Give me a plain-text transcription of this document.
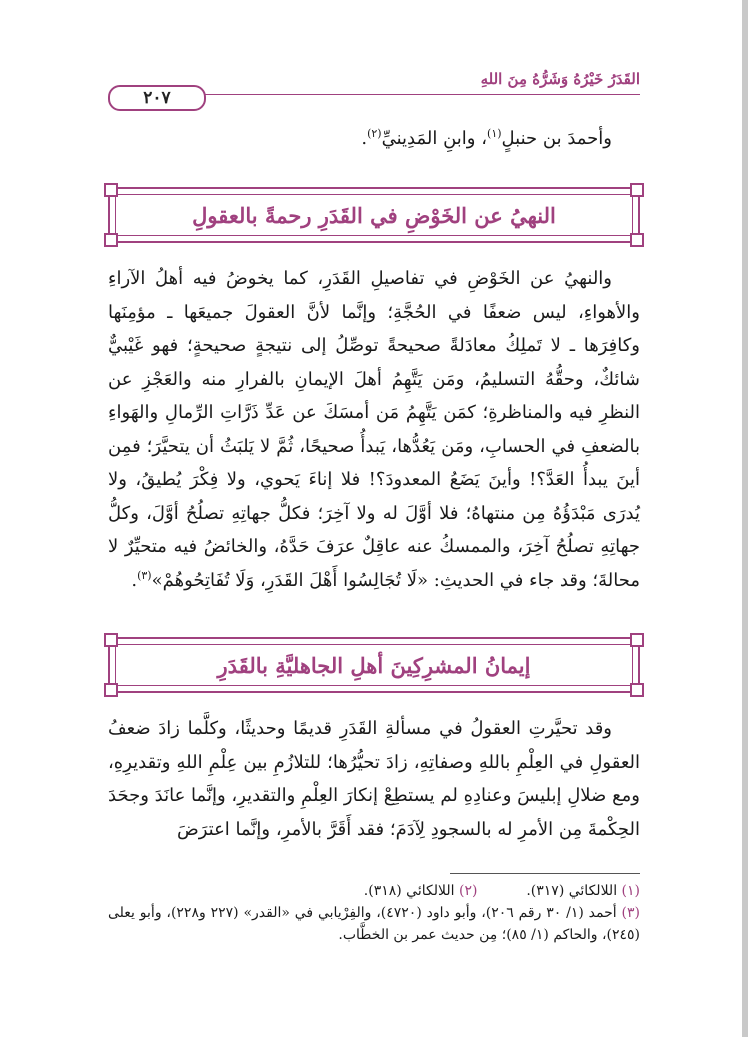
القَدَرُ خَيْرُهُ وَشَرُّهُ مِنَ اللهِ
٢٠٧

وأحمدَ بن حنبلٍ$^{(١)}$، وابنِ المَدِينيِّ$^{(٢)}$.

النهيُ عن الخَوْضِ في القَدَرِ رحمةً بالعقولِ

والنهيُ عن الخَوْضِ في تفاصيلِ القَدَرِ، كما يخوضُ فيه أهلُ الآراءِ والأهواءِ، ليس ضعفًا في الحُجَّةِ؛ وإنَّما لأنَّ العقولَ جميعَها ـ مؤمِنَها وكافِرَها ـ لا تَملِكُ معادَلةً صحيحةً توصِّلُ إلى نتيجةٍ صحيحةٍ؛ فهو غَيْبيٌّ شائكٌ، وحقُّهُ التسليمُ، ومَن يَتَّهِمُ أهلَ الإيمانِ بالفرارِ منه والعَجْزِ عن النظرِ فيه والمناظرةِ؛ كمَن يَتَّهِمُ مَن أمسَكَ عن عَدِّ ذَرَّاتِ الرِّمالِ والهَواءِ بالضعفِ في الحسابِ، ومَن يَعُدُّها، يَبدأُ صحيحًا، ثُمَّ لا يَلبَثُ أن يتحيَّرَ؛ فمِن أينَ يبدأُ العَدَّ؟! وأينَ يَضَعُ المعدودَ؟! فلا إناءَ يَحوي، ولا فِكْرَ يُطيقُ، ولا يُدرَى مَبْدَؤُهُ مِن منتهاهُ؛ فلا أوَّلَ له ولا آخِرَ؛ فكلُّ جهاتِهِ تصلُحُ أوَّلَ، وكلُّ جهاتِهِ تصلُحُ آخِرَ، والممسكُ عنه عاقِلٌ عرَفَ حَدَّهُ، والخائضُ فيه متحيِّرٌ لا محالةَ؛ وقد جاء في الحديثِ: «لَا تُجَالِسُوا أَهْلَ القَدَرِ، وَلَا تُفَاتِحُوهُمْ»$^{(٣)}$.

إيمانُ المشرِكِينَ أهلِ الجاهليَّةِ بالقَدَرِ

وقد تحيَّرتِ العقولُ في مسألةِ القَدَرِ قديمًا وحديثًا، وكلَّما زادَ ضعفُ العقولِ في العِلْمِ باللهِ وصفاتِهِ، زادَ تحيُّرُها؛ للتلازُمِ بين عِلْمِ اللهِ وتقديرِهِ، ومع ضلالِ إبليسَ وعنادِهِ لم يستطِعْ إنكارَ العِلْمِ والتقديرِ، وإنَّما عانَدَ وجحَدَ الحِكْمةَ مِن الأمرِ له بالسجودِ لِآدَمَ؛ فقد أَقَرَّ بالأمرِ، وإنَّما اعترَضَ

(١) اللالكائي (٣١٧).  (٢) اللالكائي (٣١٨).

(٣) أحمد (١/ ٣٠ رقم ٢٠٦)، وأبو داود (٤٧٢٠)، والفِرْيابي في «القدر» (٢٢٧ و٢٢٨)، وأبو يعلى (٢٤٥)، والحاكم (١/ ٨٥)؛ مِن حديث عمر بن الخطَّاب.
